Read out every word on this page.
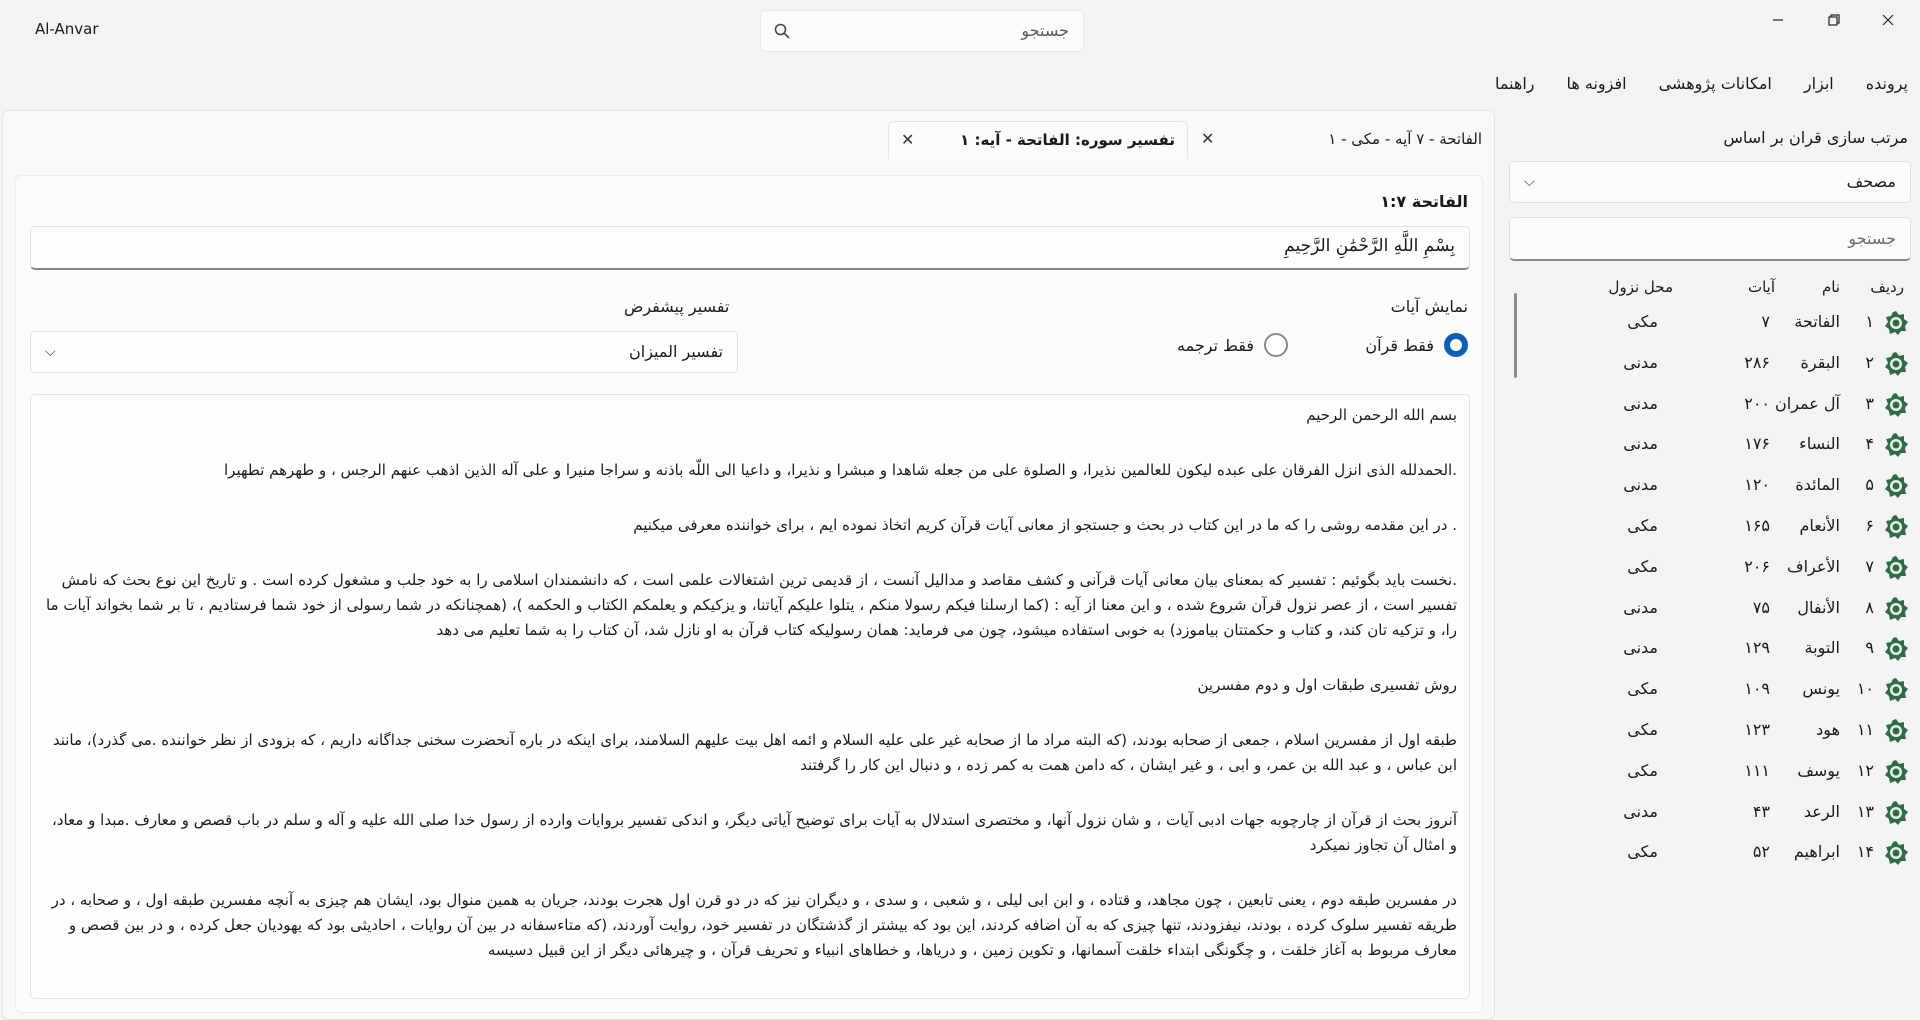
Al-Anvar	جستجو
پرونده
ابزار
امکانات پژوهشی
افزونه ها
راهنما
مرتب سازی قران بر اساس
مصحف
⌵
جستجو
ردیف
نام
آیات
محل نزول
۱
الفاتحة
۷
مکی
۲
البقرة
۲۸۶
مدنی
۳
آل عمران
۲۰۰
مدنی
۴
النساء
۱۷۶
مدنی
۵
المائدة
۱۲۰
مدنی
۶
الأنعام
۱۶۵
مکی
۷
الأعراف
۲۰۶
مکی
۸
الأنفال
۷۵
مدنی
۹
التوبة
۱۲۹
مدنی
۱۰
یونس
۱۰۹
مکی
۱۱
هود
۱۲۳
مکی
۱۲
یوسف
۱۱۱
مکی
۱۳
الرعد
۴۳
مدنی
۱۴
ابراهیم
۵۲
مکی
۱ - الفاتحة - ۷ آیه - مکی
✕
تفسیر سوره: الفاتحة - آیه: ۱
✕
الفاتحة ۱:۷
بِسْمِ اللَّهِ الرَّحْمَٰنِ الرَّحِيمِ
نمایش آیات
فقط قرآن
فقط ترجمه
تفسیر پیشفرض
تفسیر المیزان
⌵
بسم الله الرحمن الرحيم
.الحمدلله الذی انزل الفرقان علی عبده لیکون للعالمین نذیرا، و الصلوة علی من جعله شاهدا و مبشرا و نذیرا، و داعیا الی اللّه باذنه و سراجا منیرا و علی آله الذین اذهب عنهم الرجس ، و طهرهم تطهیرا
. در این مقدمه روشی را که ما در این کتاب در بحث و جستجو از معانی آیات قرآن کریم اتخاذ نموده ایم ، برای خواننده معرفی میکنیم
.نخست باید بگوئیم : تفسیر که بمعنای بیان معانی آیات قرآنی و کشف مقاصد و مدالیل آنست ، از قدیمی ترین اشتغالات علمی است ، که دانشمندان اسلامی را به خود جلب و مشغول کرده است . و تاریخ این نوع بحث که نامش تفسیر است ، از عصر نزول قرآن شروع شده ، و این معنا از آیه : (کما ارسلنا فیکم رسولا منکم ، یتلوا علیکم آیاتنا، و یزکیکم و یعلمکم الکتاب و الحکمه )، (همچنانکه در شما رسولی از خود شما فرستادیم ، تا بر شما بخواند آیات ما را، و تزکیه تان کند، و کتاب و حکمتتان بیاموزد) به خوبی استفاده میشود، چون می فرماید: همان رسولیکه کتاب قرآن به او نازل شد، آن کتاب را به شما تعلیم می دهد
روش تفسیری طبقات اول و دوم مفسرین
طبقه اول از مفسرین اسلام ، جمعی از صحابه بودند، (که البته مراد ما از صحابه غیر علی علیه السلام و ائمه اهل بیت علیهم السلامند، برای اینکه در باره آنحضرت سخنی جداگانه داریم ، که بزودی از نظر خواننده .می گذرد)، مانند ابن عباس ، و عبد الله بن عمر، و ابی ، و غیر ایشان ، که دامن همت به کمر زده ، و دنبال این کار را گرفتند
آنروز بحث از قرآن از چارچوبه جهات ادبی آیات ، و شان نزول آنها، و مختصری استدلال به آیات برای توضیح آیاتی دیگر، و اندکی تفسیر بروایات وارده از رسول خدا صلی الله علیه و آله و سلم در باب قصص و معارف .مبدا و معاد، و امثال آن تجاوز نمیکرد
در مفسرین طبقه دوم ، یعنی تابعین ، چون مجاهد، و قتاده ، و ابن ابی لیلی ، و شعبی ، و سدی ، و دیگران نیز که در دو قرن اول هجرت بودند، جریان به همین منوال بود، ایشان هم چیزی به آنچه مفسرین طبقه اول ، و صحابه ، در طریقه تفسیر سلوک کرده ، بودند، نیفزودند، تنها چیزی که به آن اضافه کردند، این بود که بیشتر از گذشتگان در تفسیر خود، روایت آوردند، (که متاءسفانه در بین آن روایات ، احادیثی بود که یهودیان جعل کرده ، و در بین قصص و معارف مربوط به آغاز خلقت ، و چگونگی ابتداء خلقت آسمانها، و تکوین زمین ، و دریاها، و خطاهای انبیاء و تحریف قرآن ، و چیرهائی دیگر از این قبیل دسیسه
